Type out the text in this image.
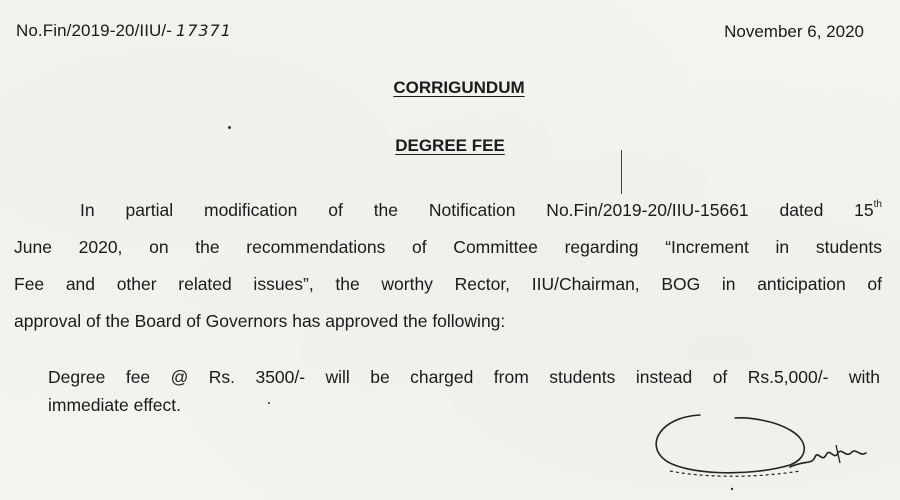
No.Fin/2019-20/IIU/- 17371	November 6, 2020
CORRIGUNDUM
DEGREE FEE
In partial modification of the Notification No.Fin/2019-20/IIU-15661 dated 15th
June 2020, on the recommendations of Committee regarding “Increment in students
Fee and other related issues”, the worthy Rector, IIU/Chairman, BOG in anticipation of
approval of the Board of Governors has approved the following:
Degree fee @ Rs. 3500/- will be charged from students instead of Rs.5,000/- with
immediate effect.
